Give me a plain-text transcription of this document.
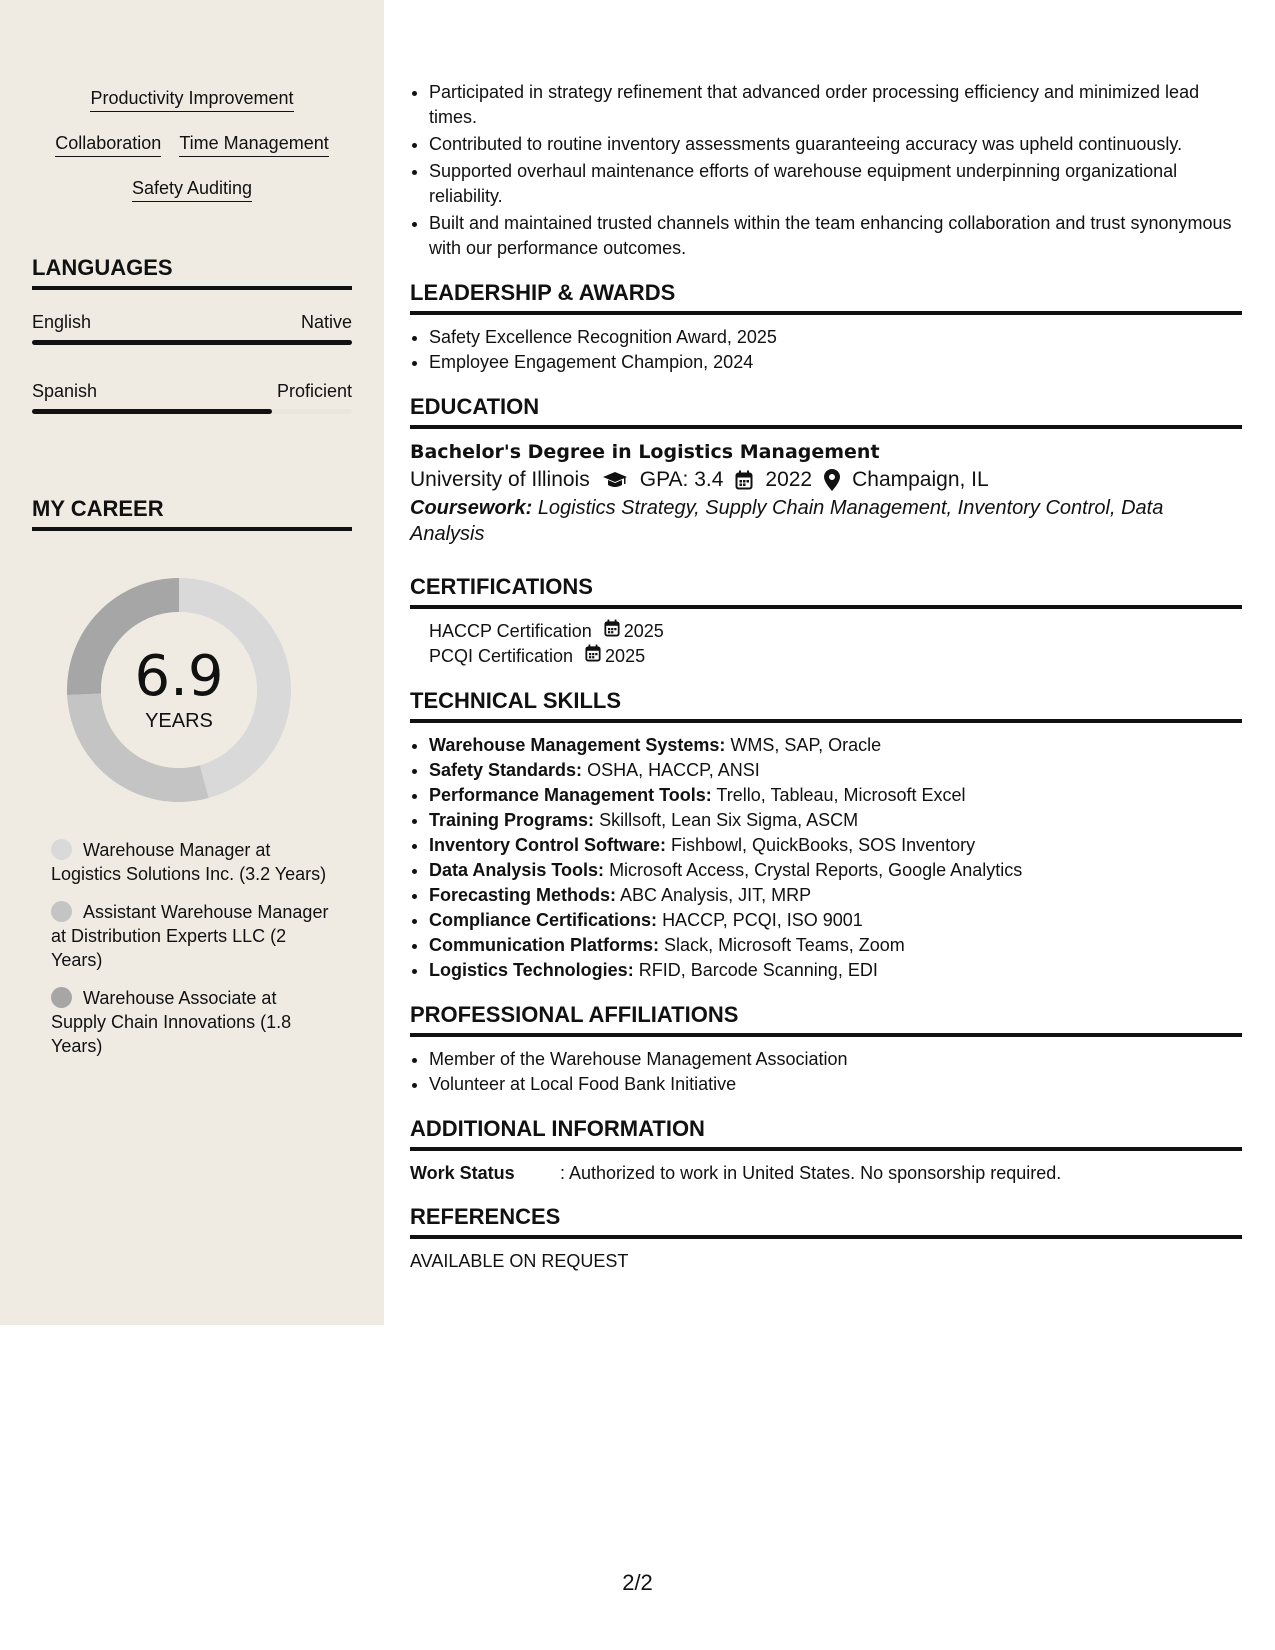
Productivity Improvement
Collaboration Time Management
Safety Auditing
LANGUAGES
English	Native
Spanish	Proficient
MY CAREER
6.9
YEARS
Warehouse Manager at Logistics Solutions Inc. (3.2 Years)
Assistant Warehouse Manager at Distribution Experts LLC (2 Years)
Warehouse Associate at Supply Chain Innovations (1.8 Years)
• Participated in strategy refinement that advanced order processing efficiency and minimized lead times.
• Contributed to routine inventory assessments guaranteeing accuracy was upheld continuously.
• Supported overhaul maintenance efforts of warehouse equipment underpinning organizational reliability.
• Built and maintained trusted channels within the team enhancing collaboration and trust synonymous with our performance outcomes.
LEADERSHIP & AWARDS
• Safety Excellence Recognition Award, 2025
• Employee Engagement Champion, 2024
EDUCATION
Bachelor's Degree in Logistics Management
University of Illinois GPA: 3.4 2022 Champaign, IL
Coursework: Logistics Strategy, Supply Chain Management, Inventory Control, Data Analysis
CERTIFICATIONS
HACCP Certification 2025
PCQI Certification 2025
TECHNICAL SKILLS
• Warehouse Management Systems: WMS, SAP, Oracle
• Safety Standards: OSHA, HACCP, ANSI
• Performance Management Tools: Trello, Tableau, Microsoft Excel
• Training Programs: Skillsoft, Lean Six Sigma, ASCM
• Inventory Control Software: Fishbowl, QuickBooks, SOS Inventory
• Data Analysis Tools: Microsoft Access, Crystal Reports, Google Analytics
• Forecasting Methods: ABC Analysis, JIT, MRP
• Compliance Certifications: HACCP, PCQI, ISO 9001
• Communication Platforms: Slack, Microsoft Teams, Zoom
• Logistics Technologies: RFID, Barcode Scanning, EDI
PROFESSIONAL AFFILIATIONS
• Member of the Warehouse Management Association
• Volunteer at Local Food Bank Initiative
ADDITIONAL INFORMATION
Work Status	: Authorized to work in United States. No sponsorship required.
REFERENCES
AVAILABLE ON REQUEST
2/2
